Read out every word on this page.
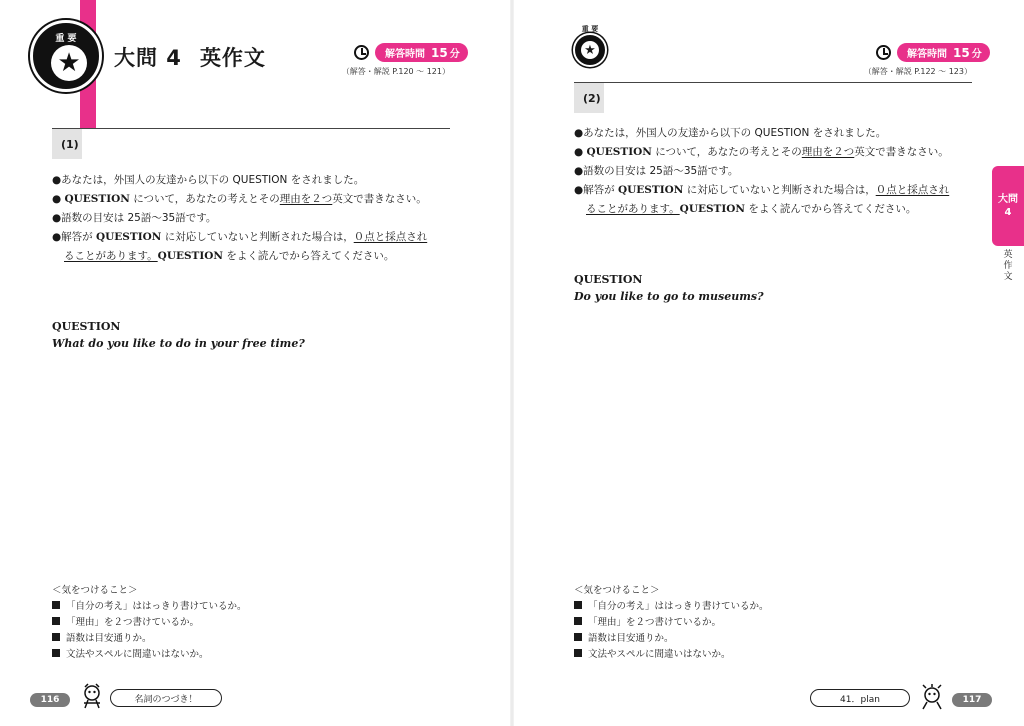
重 要
★	大問 4 英作文	解答時間 15 分
（解答・解説 P.120 ～ 121）
(1)
●あなたは，外国人の友達から以下の QUESTION をされました。
● QUESTION について，あなたの考えとその理由を２つ英文で書きなさい。
●語数の目安は 25語～35語です。
●解答が QUESTION に対応していないと判断された場合は，０点と採点され
ることがあります。QUESTION をよく読んでから答えてください。
QUESTION
What do you like to do in your free time?
＜気をつけること＞
「自分の考え」ははっきり書けているか。
「理由」を２つ書けているか。
語数は目安通りか。
文法やスペルに間違いはないか。
116	名詞のつづき！
重 要
★	解答時間 15 分
（解答・解説 P.122 ～ 123）
(2)
●あなたは，外国人の友達から以下の QUESTION をされました。
● QUESTION について，あなたの考えとその理由を２つ英文で書きなさい。
●語数の目安は 25語～35語です。
●解答が QUESTION に対応していないと判断された場合は，０点と採点され
ることがあります。QUESTION をよく読んでから答えてください。
QUESTION
Do you like to go to museums?
大問
4
英作文
＜気をつけること＞
「自分の考え」ははっきり書けているか。
「理由」を２つ書けているか。
語数は目安通りか。
文法やスペルに間違いはないか。
41．plan	117
